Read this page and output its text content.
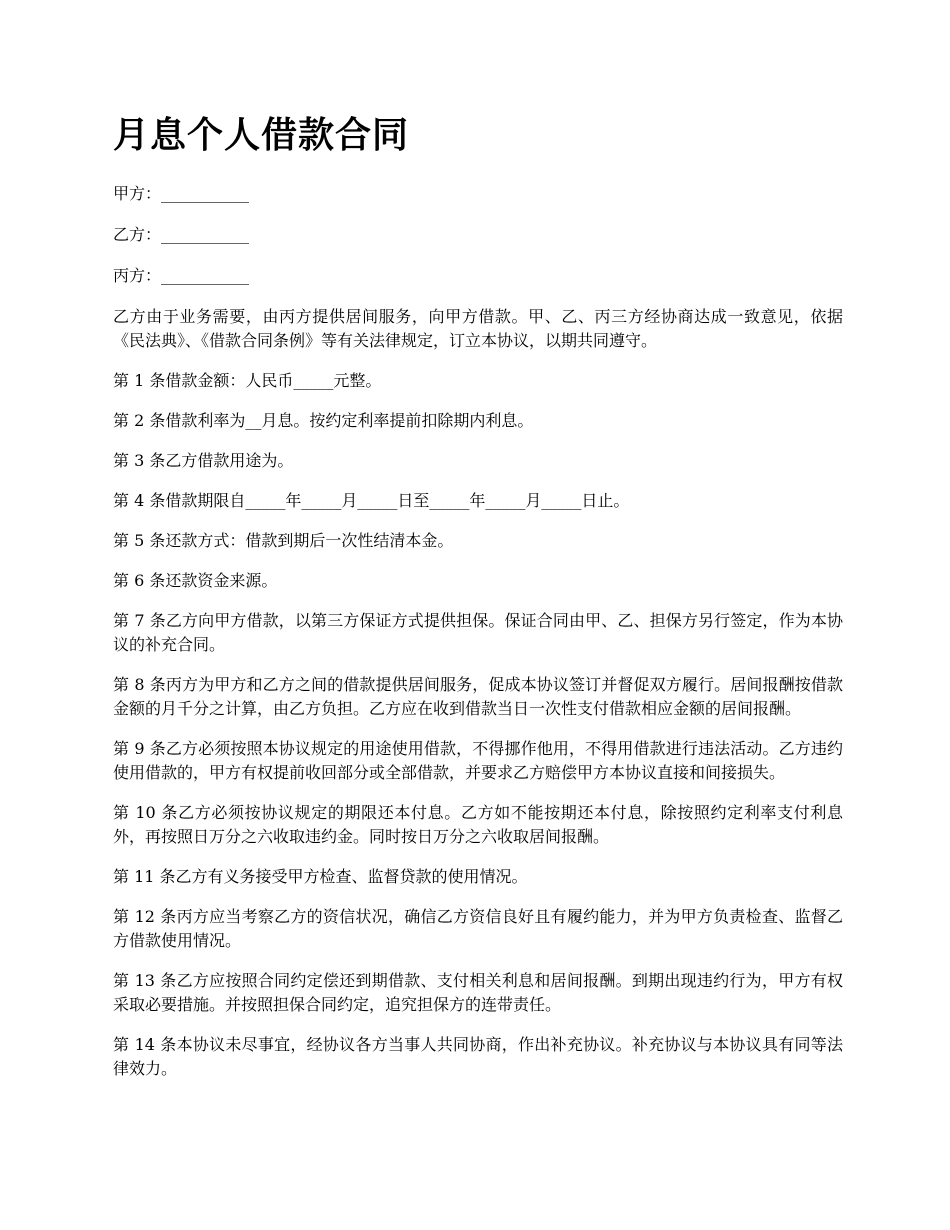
月息个人借款合同

甲方：___________

乙方：___________

丙方：___________

乙方由于业务需要，由丙方提供居间服务，向甲方借款。甲、乙、丙三方经协商达成一致意见，依据《民法典》、《借款合同条例》等有关法律规定，订立本协议，以期共同遵守。

第 1 条借款金额：人民币_____元整。

第 2 条借款利率为__月息。按约定利率提前扣除期内利息。

第 3 条乙方借款用途为。

第 4 条借款期限自_____年_____月_____日至_____年_____月_____日止。

第 5 条还款方式：借款到期后一次性结清本金。

第 6 条还款资金来源。

第 7 条乙方向甲方借款，以第三方保证方式提供担保。保证合同由甲、乙、担保方另行签定，作为本协议的补充合同。

第 8 条丙方为甲方和乙方之间的借款提供居间服务，促成本协议签订并督促双方履行。居间报酬按借款金额的月千分之计算，由乙方负担。乙方应在收到借款当日一次性支付借款相应金额的居间报酬。

第 9 条乙方必须按照本协议规定的用途使用借款，不得挪作他用，不得用借款进行违法活动。乙方违约使用借款的，甲方有权提前收回部分或全部借款，并要求乙方赔偿甲方本协议直接和间接损失。

第 10 条乙方必须按协议规定的期限还本付息。乙方如不能按期还本付息，除按照约定利率支付利息外，再按照日万分之六收取违约金。同时按日万分之六收取居间报酬。

第 11 条乙方有义务接受甲方检查、监督贷款的使用情况。

第 12 条丙方应当考察乙方的资信状况，确信乙方资信良好且有履约能力，并为甲方负责检查、监督乙方借款使用情况。

第 13 条乙方应按照合同约定偿还到期借款、支付相关利息和居间报酬。到期出现违约行为，甲方有权采取必要措施。并按照担保合同约定，追究担保方的连带责任。

第 14 条本协议未尽事宜，经协议各方当事人共同协商，作出补充协议。补充协议与本协议具有同等法律效力。
